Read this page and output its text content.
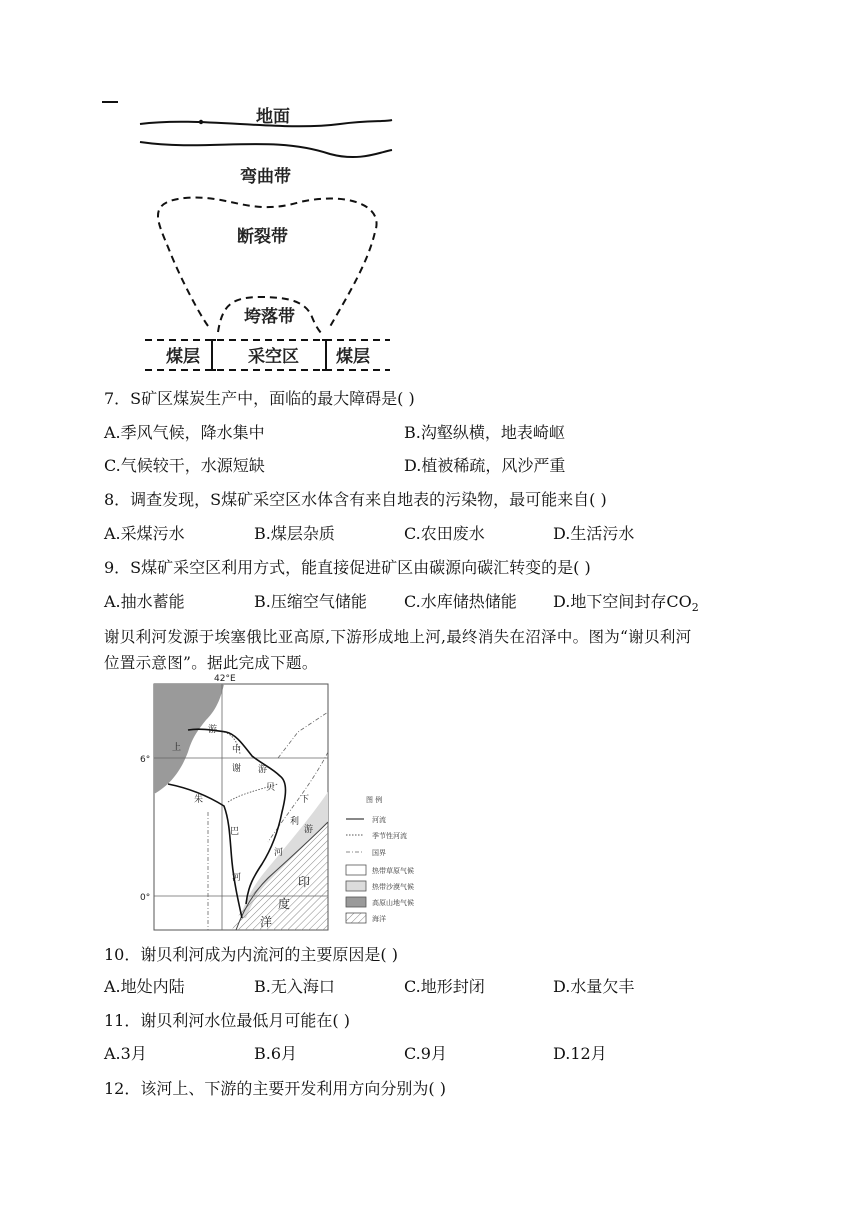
地面
弯曲带
断裂带
垮落带
煤层	采空区 煤层
7．S矿区煤炭生产中，面临的最大障碍是( )
A.季风气候，降水集中	B.沟壑纵横，地表崎岖
C.气候较干，水源短缺	D.植被稀疏，风沙严重
8．调查发现，S煤矿采空区水体含有来自地表的污染物，最可能来自( )
A.采煤污水	B.煤层杂质	C.农田废水	D.生活污水
9．S煤矿采空区利用方式，能直接促进矿区由碳源向碳汇转变的是( )
A.抽水蓄能	B.压缩空气储能 C.水库储热储能 D.地下空间封存$CO_2$
谢贝利河发源于埃塞俄比亚高原,下游形成地上河,最终消失在沼泽中。图为“谢贝利河
位置示意图”。据此完成下题。
42°E
6°
0°
上
游
中
谢 游
贝
下
利
游
河
朱
巴
河	印
度
洋
图 例
河流
季节性河流
国界
热带草原气候
热带沙漠气候
高原山地气候
海洋
10．谢贝利河成为内流河的主要原因是( )
A.地处内陆	B.无入海口	C.地形封闭	D.水量欠丰
11．谢贝利河水位最低月可能在( )
A.3月	B.6月	C.9月	D.12月
12．该河上、下游的主要开发利用方向分别为( )
